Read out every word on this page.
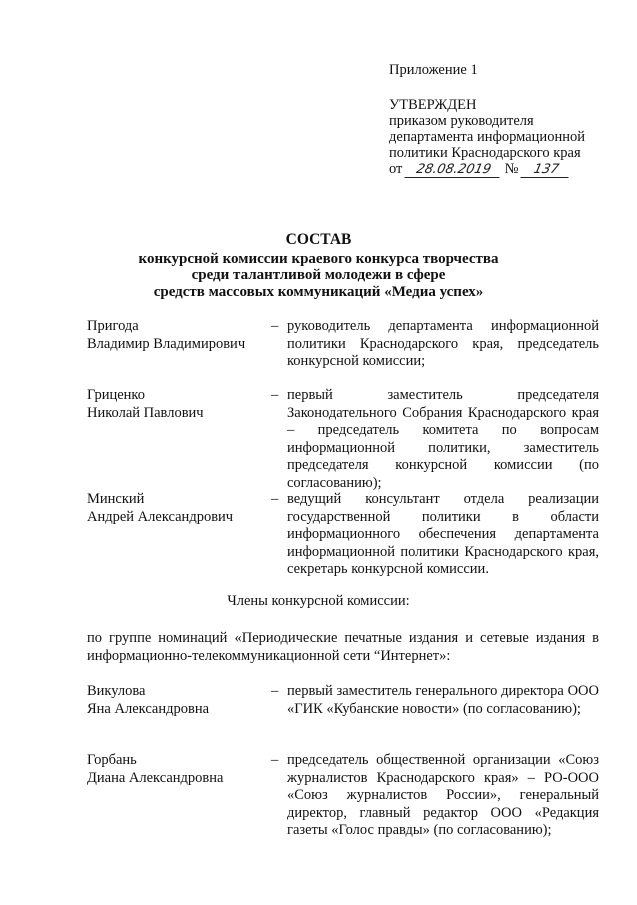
Приложение 1
УТВЕРЖДЕН
приказом руководителя
департамента информационной
политики Краснодарского края
от 28.08.2019 № 137
СОСТАВ
конкурсной комиссии краевого конкурса творчества
среди талантливой молодежи в сфере
средств массовых коммуникаций «Медиа успех»
Пригода
Владимир Владимирович
– руководитель департамента информационной политики Краснодарского края, председатель конкурсной комиссии;
Гриценко
Николай Павлович
– первый заместитель председателя Законодательного Собрания Краснодарского края – председатель комитета по вопросам информационной политики, заместитель председателя конкурсной комиссии (по согласованию);
Минский
Андрей Александрович
– ведущий консультант отдела реализации государственной политики в области информационного обеспечения департамента информационной политики Краснодарского края, секретарь конкурсной комиссии.
Члены конкурсной комиссии:
по группе номинаций «Периодические печатные издания и сетевые издания в информационно-телекоммуникационной сети “Интернет»:
Викулова
Яна Александровна
– первый заместитель генерального директора ООО «ГИК «Кубанские новости» (по согласованию);
Горбань
Диана Александровна
– председатель общественной организации «Союз журналистов Краснодарского края» – РО-ООО «Союз журналистов России», генеральный директор, главный редактор ООО «Редакция газеты «Голос правды» (по согласованию);
